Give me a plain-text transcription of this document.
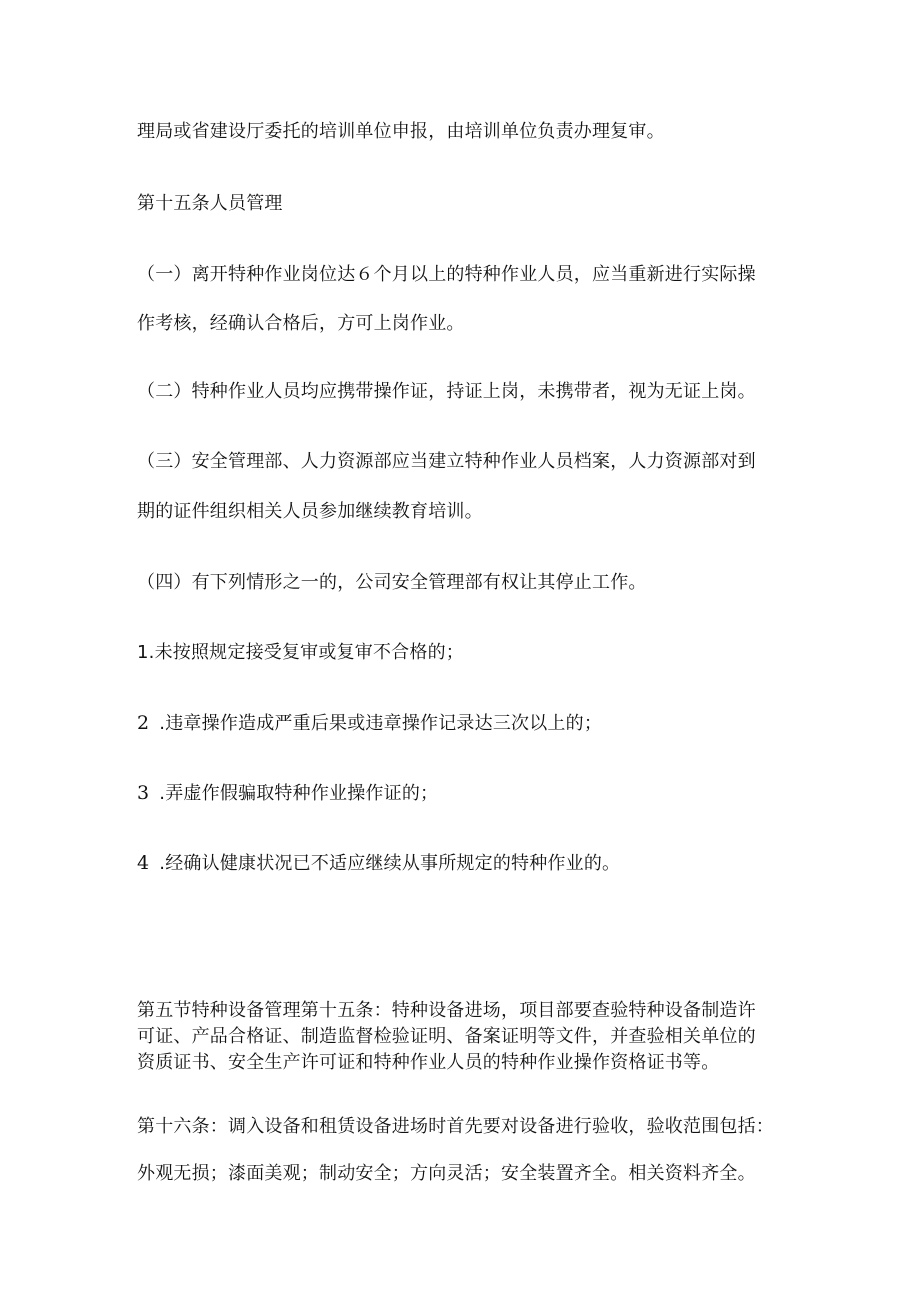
理局或省建设厅委托的培训单位申报，由培训单位负责办理复审。
第十五条人员管理
（一）离开特种作业岗位达６个月以上的特种作业人员，应当重新进行实际操
作考核，经确认合格后，方可上岗作业。
（二）特种作业人员均应携带操作证，持证上岗，未携带者，视为无证上岗。
（三）安全管理部、人力资源部应当建立特种作业人员档案，人力资源部对到
期的证件组织相关人员参加继续教育培训。
（四）有下列情形之一的，公司安全管理部有权让其停止工作。
1.未按照规定接受复审或复审不合格的；
2 .违章操作造成严重后果或违章操作记录达三次以上的；
3 .弄虚作假骗取特种作业操作证的；
4 .经确认健康状况已不适应继续从事所规定的特种作业的。
第五节特种设备管理第十五条：特种设备进场，项目部要查验特种设备制造许
可证、产品合格证、制造监督检验证明、备案证明等文件，并查验相关单位的
资质证书、安全生产许可证和特种作业人员的特种作业操作资格证书等。
第十六条：调入设备和租赁设备进场时首先要对设备进行验收，验收范围包括：
外观无损；漆面美观；制动安全；方向灵活；安全装置齐全。相关资料齐全。
